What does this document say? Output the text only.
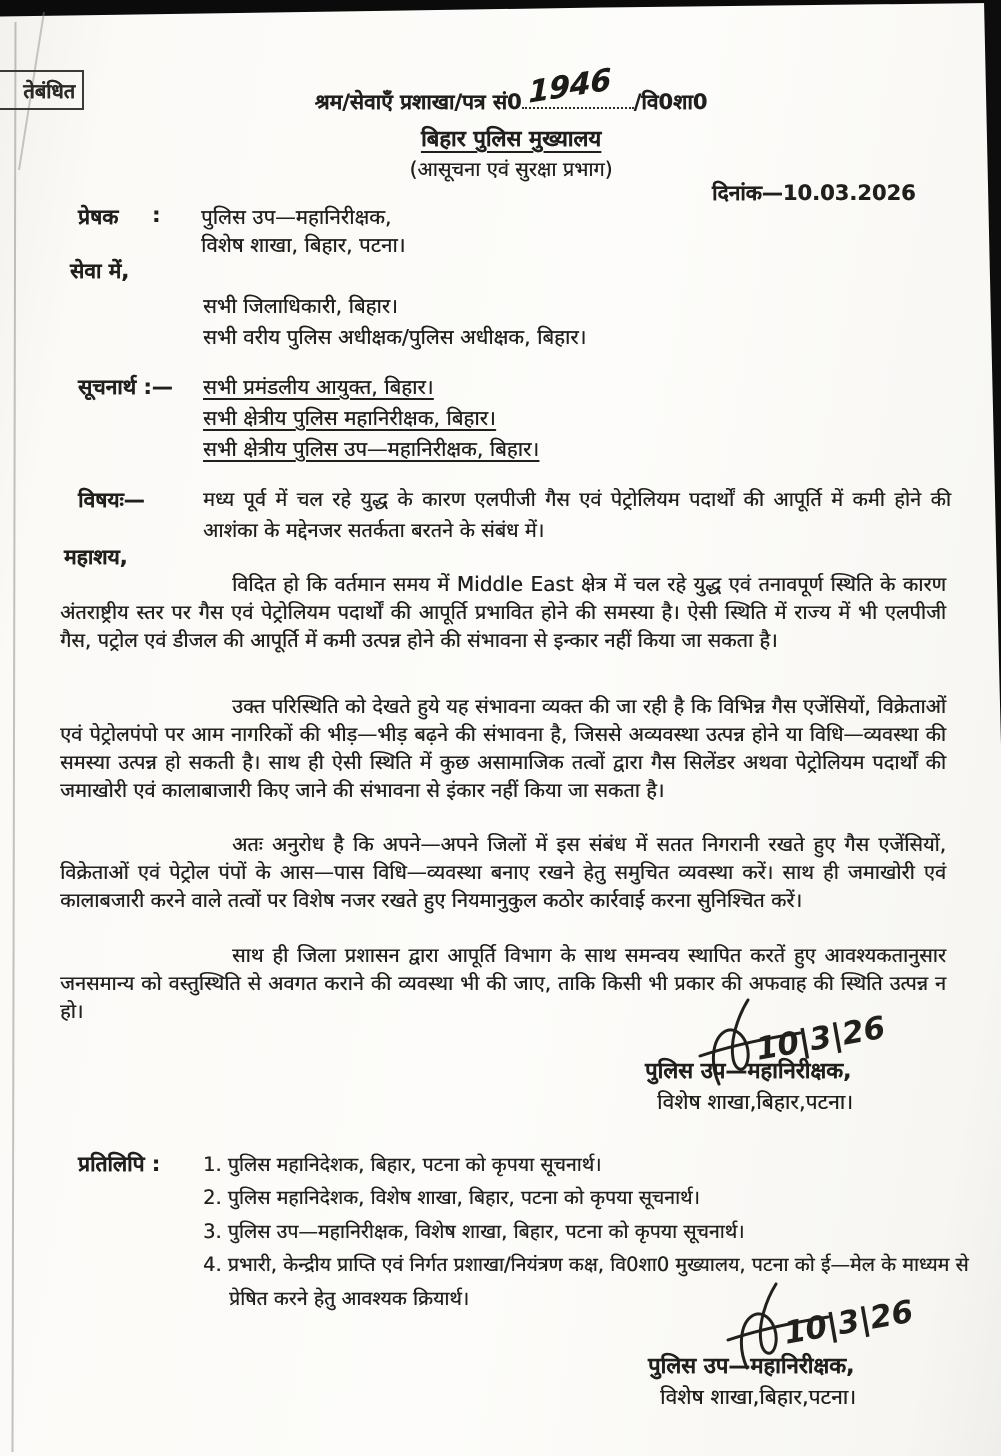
तेबंधित	श्रम/सेवाएँ प्रशाखा/पत्र सं0 1946 /वि0शा0
बिहार पुलिस मुख्यालय
(आसूचना एवं सुरक्षा प्रभाग)
दिनांक—10.03.2026
प्रेषक : पुलिस उप—महानिरीक्षक,
विशेष शाखा, बिहार, पटना।
सेवा में,
सभी जिलाधिकारी, बिहार।
सभी वरीय पुलिस अधीक्षक/पुलिस अधीक्षक, बिहार।
सूचनार्थ :— सभी प्रमंडलीय आयुक्त, बिहार।
सभी क्षेत्रीय पुलिस महानिरीक्षक, बिहार।
सभी क्षेत्रीय पुलिस उप—महानिरीक्षक, बिहार।
विषयः—	मध्य पूर्व में चल रहे युद्ध के कारण एलपीजी गैस एवं पेट्रोलियम पदार्थों की आपूर्ति में कमी होने की आशंका के मद्देनजर सतर्कता बरतने के संबंध में।
महाशय,
विदित हो कि वर्तमान समय में Middle East क्षेत्र में चल रहे युद्ध एवं तनावपूर्ण स्थिति के कारण अंतराष्ट्रीय स्तर पर गैस एवं पेट्रोलियम पदार्थों की आपूर्ति प्रभावित होने की समस्या है। ऐसी स्थिति में राज्य में भी एलपीजी गैस, पट्रोल एवं डीजल की आपूर्ति में कमी उत्पन्न होने की संभावना से इन्कार नहीं किया जा सकता है।
उक्त परिस्थिति को देखते हुये यह संभावना व्यक्त की जा रही है कि विभिन्न गैस एजेंसियों, विक्रेताओं एवं पेट्रोलपंपो पर आम नागरिकों की भीड़—भीड़ बढ़ने की संभावना है, जिससे अव्यवस्था उत्पन्न होने या विधि—व्यवस्था की समस्या उत्पन्न हो सकती है। साथ ही ऐसी स्थिति में कुछ असामाजिक तत्वों द्वारा गैस सिलेंडर अथवा पेट्रोलियम पदार्थों की जमाखोरी एवं कालाबाजारी किए जाने की संभावना से इंकार नहीं किया जा सकता है।
अतः अनुरोध है कि अपने—अपने जिलों में इस संबंध में सतत निगरानी रखते हुए गैस एजेंसियों, विक्रेताओं एवं पेट्रोल पंपों के आस—पास विधि—व्यवस्था बनाए रखने हेतु समुचित व्यवस्था करें। साथ ही जमाखोरी एवं कालाबजारी करने वाले तत्वों पर विशेष नजर रखते हुए नियमानुकुल कठोर कार्रवाई करना सुनिश्चित करें।
साथ ही जिला प्रशासन द्वारा आपूर्ति विभाग के साथ समन्वय स्थापित करतें हुए आवश्यकतानुसार जनसमान्य को वस्तुस्थिति से अवगत कराने की व्यवस्था भी की जाए, ताकि किसी भी प्रकार की अफवाह की स्थिति उत्पन्न न हो।	10|3|26
पुलिस उप—महानिरीक्षक,
विशेष शाखा,बिहार,पटना।
प्रतिलिपि : 1. पुलिस महानिदेशक, बिहार, पटना को कृपया सूचनार्थ।
2. पुलिस महानिदेशक, विशेष शाखा, बिहार, पटना को कृपया सूचनार्थ।
3. पुलिस उप—महानिरीक्षक, विशेष शाखा, बिहार, पटना को कृपया सूचनार्थ।
4. प्रभारी, केन्द्रीय प्राप्ति एवं निर्गत प्रशाखा/नियंत्रण कक्ष, वि0शा0 मुख्यालय, पटना को ई—मेल के माध्यम से प्रेषित करने हेतु आवश्यक क्रियार्थ।	10|3|26
पुलिस उप—महानिरीक्षक,
विशेष शाखा,बिहार,पटना।
